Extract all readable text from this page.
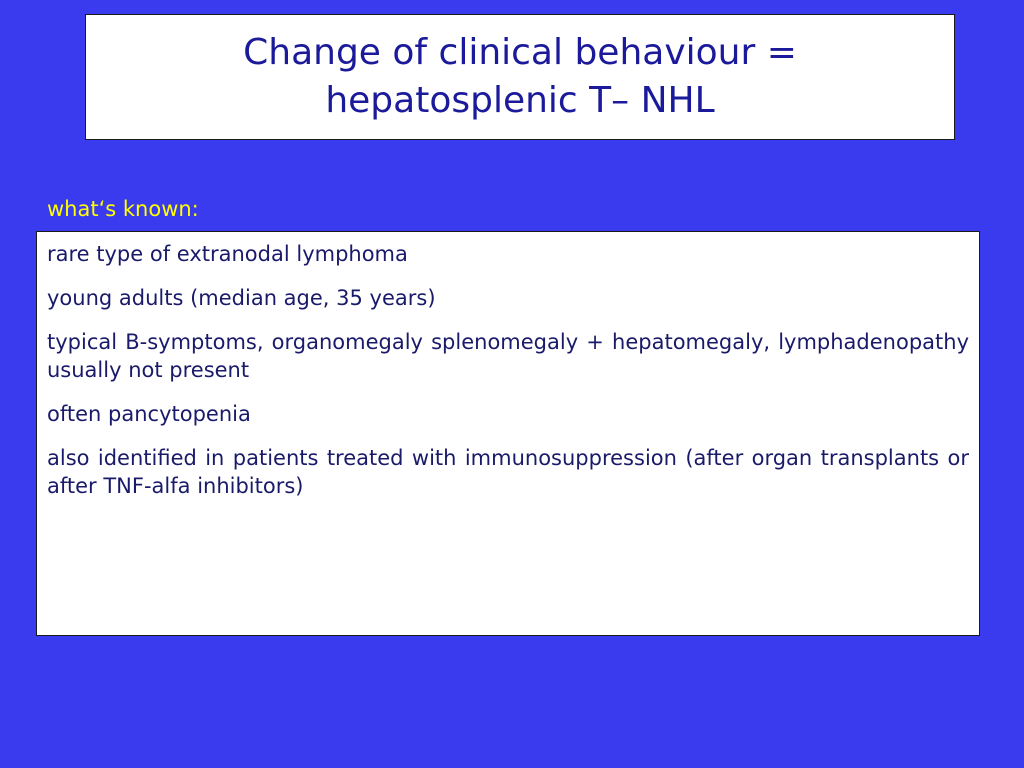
Change of clinical behaviour =
hepatosplenic T– NHL
what‘s known:

rare type of extranodal lymphoma

young adults (median age, 35 years)

typical B-symptoms, organomegaly splenomegaly + hepatomegaly, lymphadenopathy usually not present

often pancytopenia

also identified in patients treated with immunosuppression (after organ transplants or after TNF-alfa inhibitors)
